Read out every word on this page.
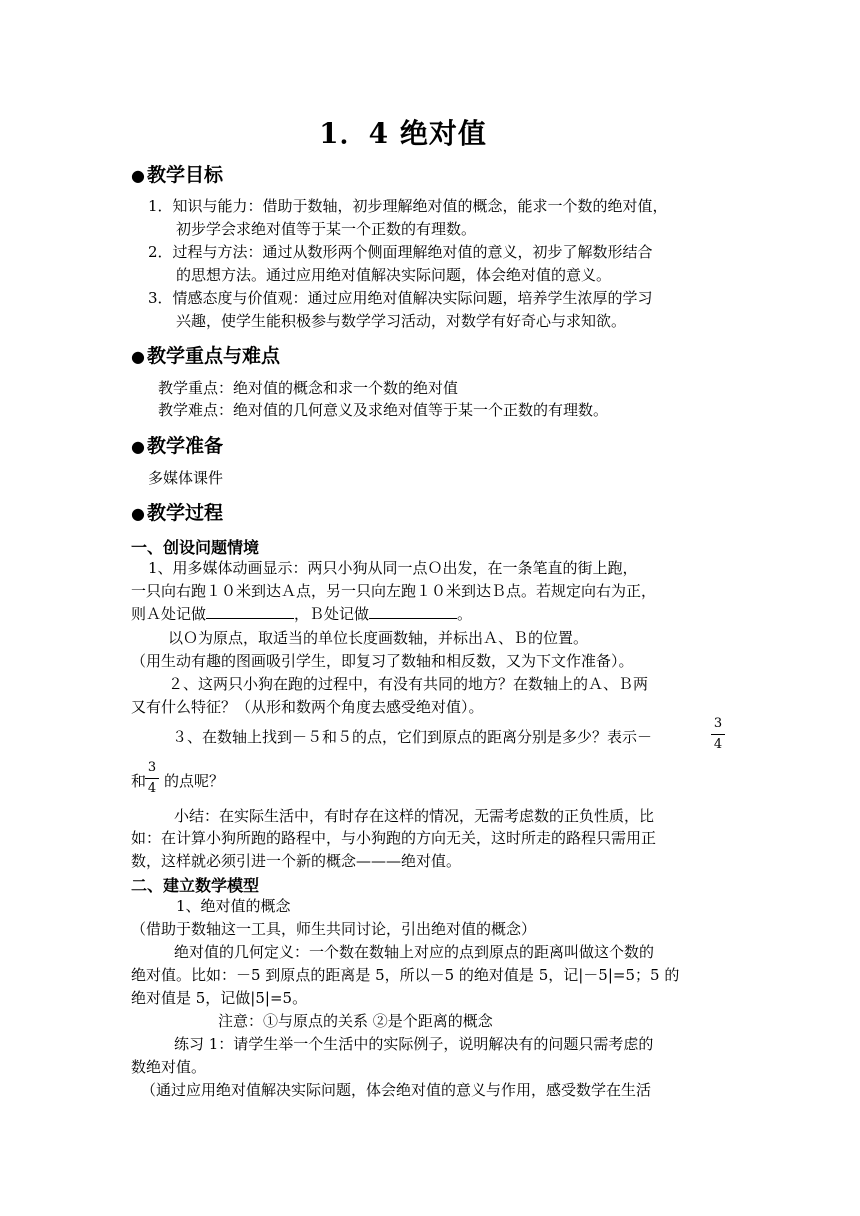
1．4 绝对值
● 教学目标
1．知识与能力：借助于数轴，初步理解绝对值的概念，能求一个数的绝对值，
初步学会求绝对值等于某一个正数的有理数。
2．过程与方法：通过从数形两个侧面理解绝对值的意义，初步了解数形结合
的思想方法。通过应用绝对值解决实际问题，体会绝对值的意义。
3．情感态度与价值观：通过应用绝对值解决实际问题，培养学生浓厚的学习
兴趣，使学生能积极参与数学学习活动，对数学有好奇心与求知欲。
● 教学重点与难点
教学重点：绝对值的概念和求一个数的绝对值
教学难点：绝对值的几何意义及求绝对值等于某一个正数的有理数。
● 教学准备
多媒体课件
● 教学过程
一、创设问题情境
1、用多媒体动画显示：两只小狗从同一点Ｏ出发，在一条笔直的街上跑，
一只向右跑１０米到达Ａ点，另一只向左跑１０米到达Ｂ点。若规定向右为正，
则Ａ处记做	，Ｂ处记做	。
以Ｏ为原点，取适当的单位长度画数轴，并标出Ａ、Ｂ的位置。
（用生动有趣的图画吸引学生，即复习了数轴和相反数，又为下文作准备）。
２、这两只小狗在跑的过程中，有没有共同的地方？在数轴上的Ａ、Ｂ两
又有什么特征？（从形和数两个角度去感受绝对值）。
３、在数轴上找到－５和５的点，它们到原点的距离分别是多少？表示－
3
4
和
3
4 的点呢？
小结：在实际生活中，有时存在这样的情况，无需考虑数的正负性质，比
如：在计算小狗所跑的路程中，与小狗跑的方向无关，这时所走的路程只需用正
数，这样就必须引进一个新的概念———绝对值。
二、建立数学模型
1、绝对值的概念
（借助于数轴这一工具，师生共同讨论，引出绝对值的概念）
绝对值的几何定义：一个数在数轴上对应的点到原点的距离叫做这个数的
绝对值。比如：－5 到原点的距离是 5，所以－5 的绝对值是 5，记|－5|=5；5 的
绝对值是 5，记做|5|=5。
注意：①与原点的关系 ②是个距离的概念
练习 1：请学生举一个生活中的实际例子，说明解决有的问题只需考虑的
数绝对值。
（通过应用绝对值解决实际问题，体会绝对值的意义与作用，感受数学在生活
